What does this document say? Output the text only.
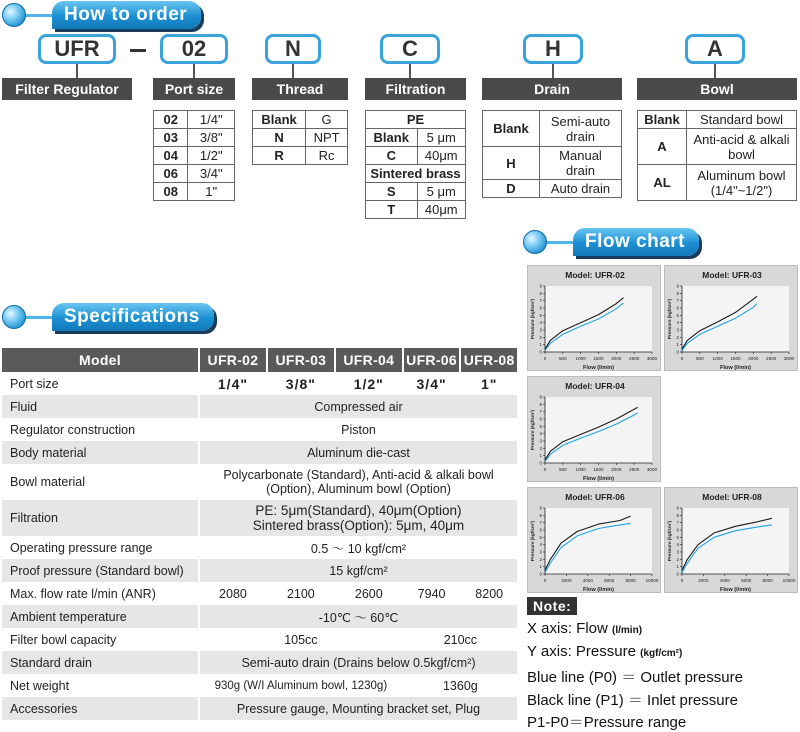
How to order
UFR	02	N	C	H	A
Filter Regulator	Port size	Thread	Filtration	Drain	Bowl
02	1/4"
03	3/8"
04	1/2"
06	3/4"
08	1"
Blank	G
N	NPT
R	Rc
PE	
Blank	5 μm
C	40μm
Sintered brass	
S	5 μm
T	40μm
Blank	Semi-auto drain
H	Manual drain
D	Auto drain
Blank	Standard bowl
A	Anti-acid & alkali bowl
AL	Aluminum bowl (1/4"~1/2")
Specifications
Model	UFR-02	UFR-03	UFR-04	UFR-06	UFR-08
Port size	1/4"	3/8"	1/2"	3/4"	1"
Fluid	Compressed air				
Regulator construction	Piston				
Body material	Aluminum die-cast				
Bowl material	Polycarbonate (Standard), Anti-acid & alkali bowl
(Option), Aluminum bowl (Option)				

Filtration	PE: 5μm(Standard), 40μm(Option)
Sintered brass(Option): 5μm, 40μm				

Operating pressure range	0.5 ～ 10 kgf/cm²				
Proof pressure (Standard bowl)	15 kgf/cm²				
Max. flow rate l/min (ANR)	2080	2100	2600	7940	8200
Ambient temperature	-10℃ ～ 60℃				
Filter bowl capacity	105cc			210cc	
Standard drain	Semi-auto drain (Drains below 0.5kgf/cm²)				
Net weight	930g (W/I Aluminum bowl, 1230g)			1360g	
Accessories	Pressure gauge, Mounting bracket set, Plug				
Flow chart
Model: UFR-02
0	500 1000 1500 2000 2500 3000
0
1
2
3
4
5
6
7
8
9
Flow (l/min)
Pressure (kgf/cm²)
Model: UFR-03
0	500 1000 1500 2000 2500 3000
0
1
2
3
4
5
6
7
8
9
Flow (l/min)
Pressure (kgf/cm²)
Model: UFR-04
0	500 1000 1500 2000 2500 3000
0
1
2
3
4
5
6
7
8
9
Flow (l/min)
Pressure (kgf/cm²)
Model: UFR-06
0	2000 4000 6000 8000 10000
0
1
2
3
4
5
6
7
8
9
Flow (l/min)
Pressure (kgf/cm²)
Model: UFR-08
0	2000 4000 6000 8000 10000
0
1
2
3
4
5
6
7
8
9
Flow (l/min)
Pressure (kgf/cm²)
Note:
X axis: Flow (l/min)
Y axis: Pressure (kgf/cm²)
Blue line (P0) ＝ Outlet pressure
Black line (P1) ＝ Inlet pressure
P1-P0＝Pressure range
